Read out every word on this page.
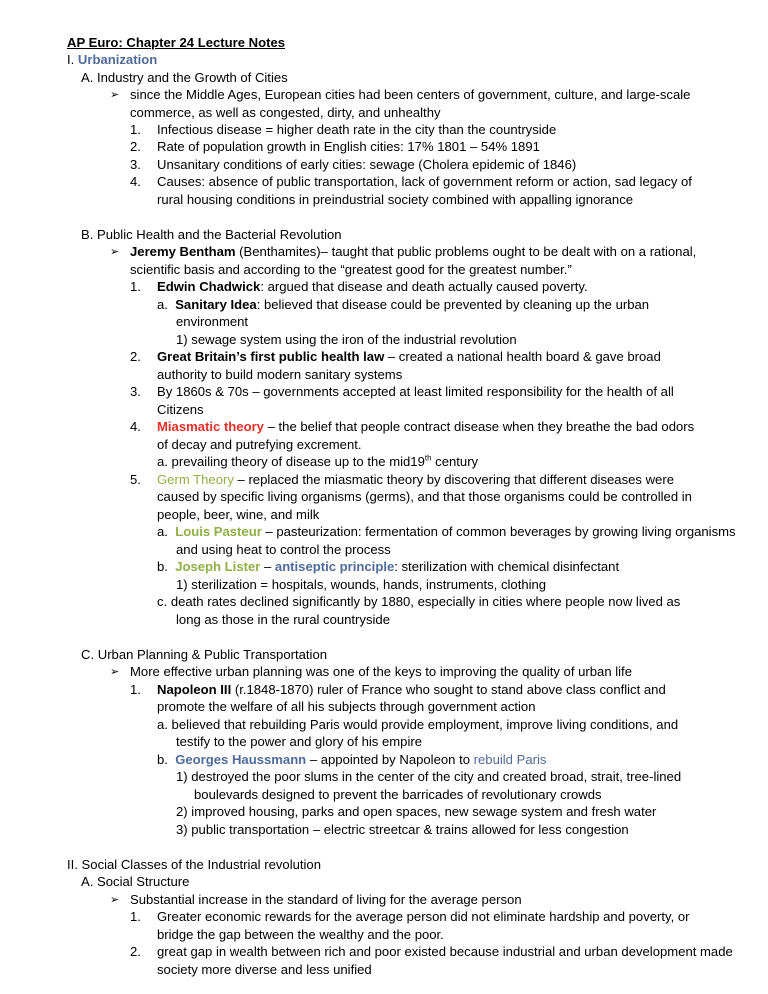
AP Euro: Chapter 24 Lecture Notes
I. Urbanization
A. Industry and the Growth of Cities
➢ since the Middle Ages, European cities had been centers of government, culture, and large-scale
commerce, as well as congested, dirty, and unhealthy
1. Infectious disease = higher death rate in the city than the countryside
2. Rate of population growth in English cities: 17% 1801 – 54% 1891
3. Unsanitary conditions of early cities: sewage (Cholera epidemic of 1846)
4. Causes: absence of public transportation, lack of government reform or action, sad legacy of
rural housing conditions in preindustrial society combined with appalling ignorance
B. Public Health and the Bacterial Revolution
➢ Jeremy Bentham (Benthamites)– taught that public problems ought to be dealt with on a rational,
scientific basis and according to the “greatest good for the greatest number.”
1. Edwin Chadwick: argued that disease and death actually caused poverty.
a. Sanitary Idea: believed that disease could be prevented by cleaning up the urban
environment
1) sewage system using the iron of the industrial revolution
2. Great Britain’s first public health law – created a national health board & gave broad
authority to build modern sanitary systems
3. By 1860s & 70s – governments accepted at least limited responsibility for the health of all
Citizens
4. Miasmatic theory – the belief that people contract disease when they breathe the bad odors
of decay and putrefying excrement.
a. prevailing theory of disease up to the mid19th century
5. Germ Theory – replaced the miasmatic theory by discovering that different diseases were
caused by specific living organisms (germs), and that those organisms could be controlled in
people, beer, wine, and milk
a. Louis Pasteur – pasteurization: fermentation of common beverages by growing living organisms
and using heat to control the process
b. Joseph Lister – antiseptic principle: sterilization with chemical disinfectant
1) sterilization = hospitals, wounds, hands, instruments, clothing
c. death rates declined significantly by 1880, especially in cities where people now lived as
long as those in the rural countryside
C. Urban Planning & Public Transportation
➢ More effective urban planning was one of the keys to improving the quality of urban life
1. Napoleon III (r.1848-1870) ruler of France who sought to stand above class conflict and
promote the welfare of all his subjects through government action
a. believed that rebuilding Paris would provide employment, improve living conditions, and
testify to the power and glory of his empire
b. Georges Haussmann – appointed by Napoleon to rebuild Paris
1) destroyed the poor slums in the center of the city and created broad, strait, tree-lined
boulevards designed to prevent the barricades of revolutionary crowds
2) improved housing, parks and open spaces, new sewage system and fresh water
3) public transportation – electric streetcar & trains allowed for less congestion
II. Social Classes of the Industrial revolution
A. Social Structure
➢ Substantial increase in the standard of living for the average person
1. Greater economic rewards for the average person did not eliminate hardship and poverty, or
bridge the gap between the wealthy and the poor.
2. great gap in wealth between rich and poor existed because industrial and urban development made
society more diverse and less unified
